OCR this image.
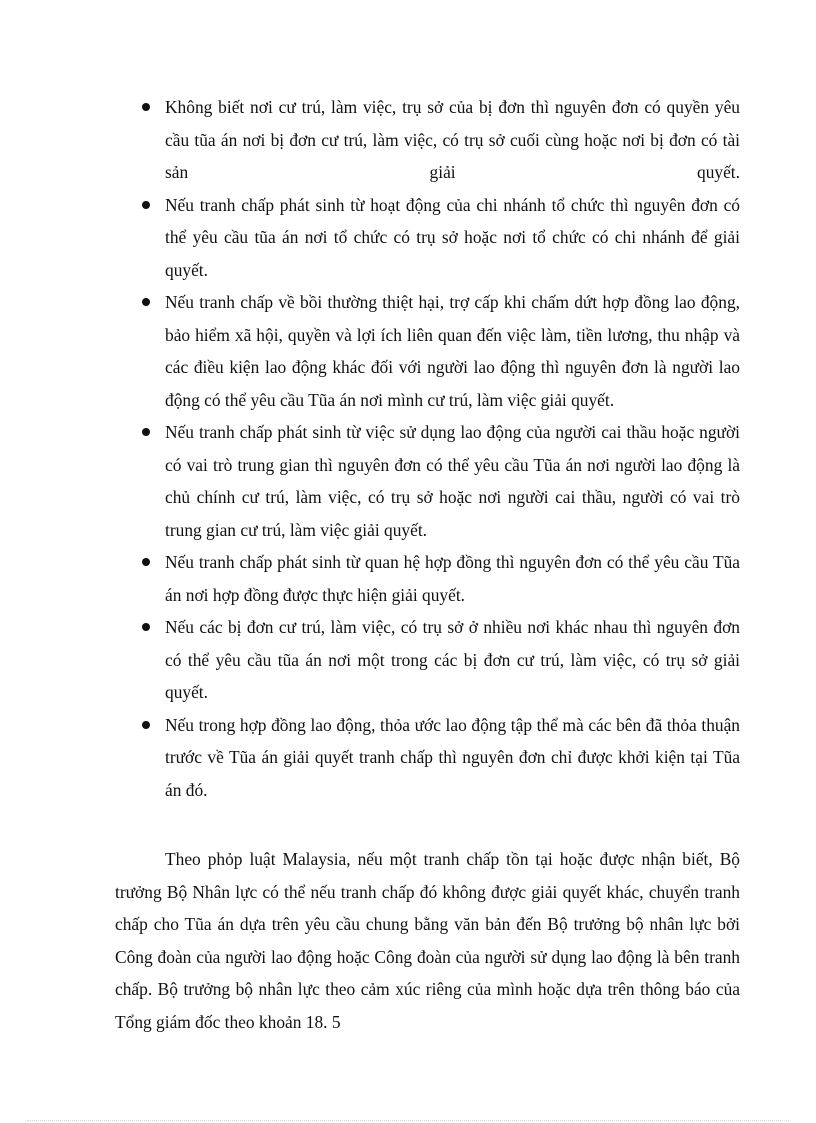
Không biết nơi cư trú, làm việc, trụ sở của bị đơn thì nguyên đơn có quyền yêu cầu tũa án nơi bị đơn cư trú, làm việc, có trụ sở cuối cùng hoặc nơi bị đơn có tài sản giải quyết.
Nếu tranh chấp phát sinh từ hoạt động của chi nhánh tổ chức thì nguyên đơn có thể yêu cầu tũa án nơi tổ chức có trụ sở hoặc nơi tổ chức có chi nhánh để giải quyết.
Nếu tranh chấp về bồi thường thiệt hại, trợ cấp khi chấm dứt hợp đồng lao động, bảo hiểm xã hội, quyền và lợi ích liên quan đến việc làm, tiền lương, thu nhập và các điều kiện lao động khác đối với người lao động thì nguyên đơn là người lao động có thể yêu cầu Tũa án nơi mình cư trú, làm việc giải quyết.
Nếu tranh chấp phát sinh từ việc sử dụng lao động của người cai thầu hoặc người có vai trò trung gian thì nguyên đơn có thể yêu cầu Tũa án nơi người lao động là chủ chính cư trú, làm việc, có trụ sở hoặc nơi người cai thầu, người có vai trò trung gian cư trú, làm việc giải quyết.
Nếu tranh chấp phát sinh từ quan hệ hợp đồng thì nguyên đơn có thể yêu cầu Tũa án nơi hợp đồng được thực hiện giải quyết.
Nếu các bị đơn cư trú, làm việc, có trụ sở ở nhiều nơi khác nhau thì nguyên đơn có thể yêu cầu tũa án nơi một trong các bị đơn cư trú, làm việc, có trụ sở giải quyết.
Nếu trong hợp đồng lao động, thỏa ước lao động tập thể mà các bên đã thỏa thuận trước về Tũa án giải quyết tranh chấp thì nguyên đơn chỉ được khởi kiện tại Tũa án đó.

Theo phỏp luật Malaysia, nếu một tranh chấp tồn tại hoặc được nhận biết, Bộ trưởng Bộ Nhân lực có thể nếu tranh chấp đó không được giải quyết khác, chuyển tranh chấp cho Tũa án dựa trên yêu cầu chung bằng văn bản đến Bộ trưởng bộ nhân lực bởi Công đoàn của người lao động hoặc Công đoàn của người sử dụng lao động là bên tranh chấp. Bộ trưởng bộ nhân lực theo cảm xúc riêng của mình hoặc dựa trên thông báo của Tổng giám đốc theo khoản 18. 5
